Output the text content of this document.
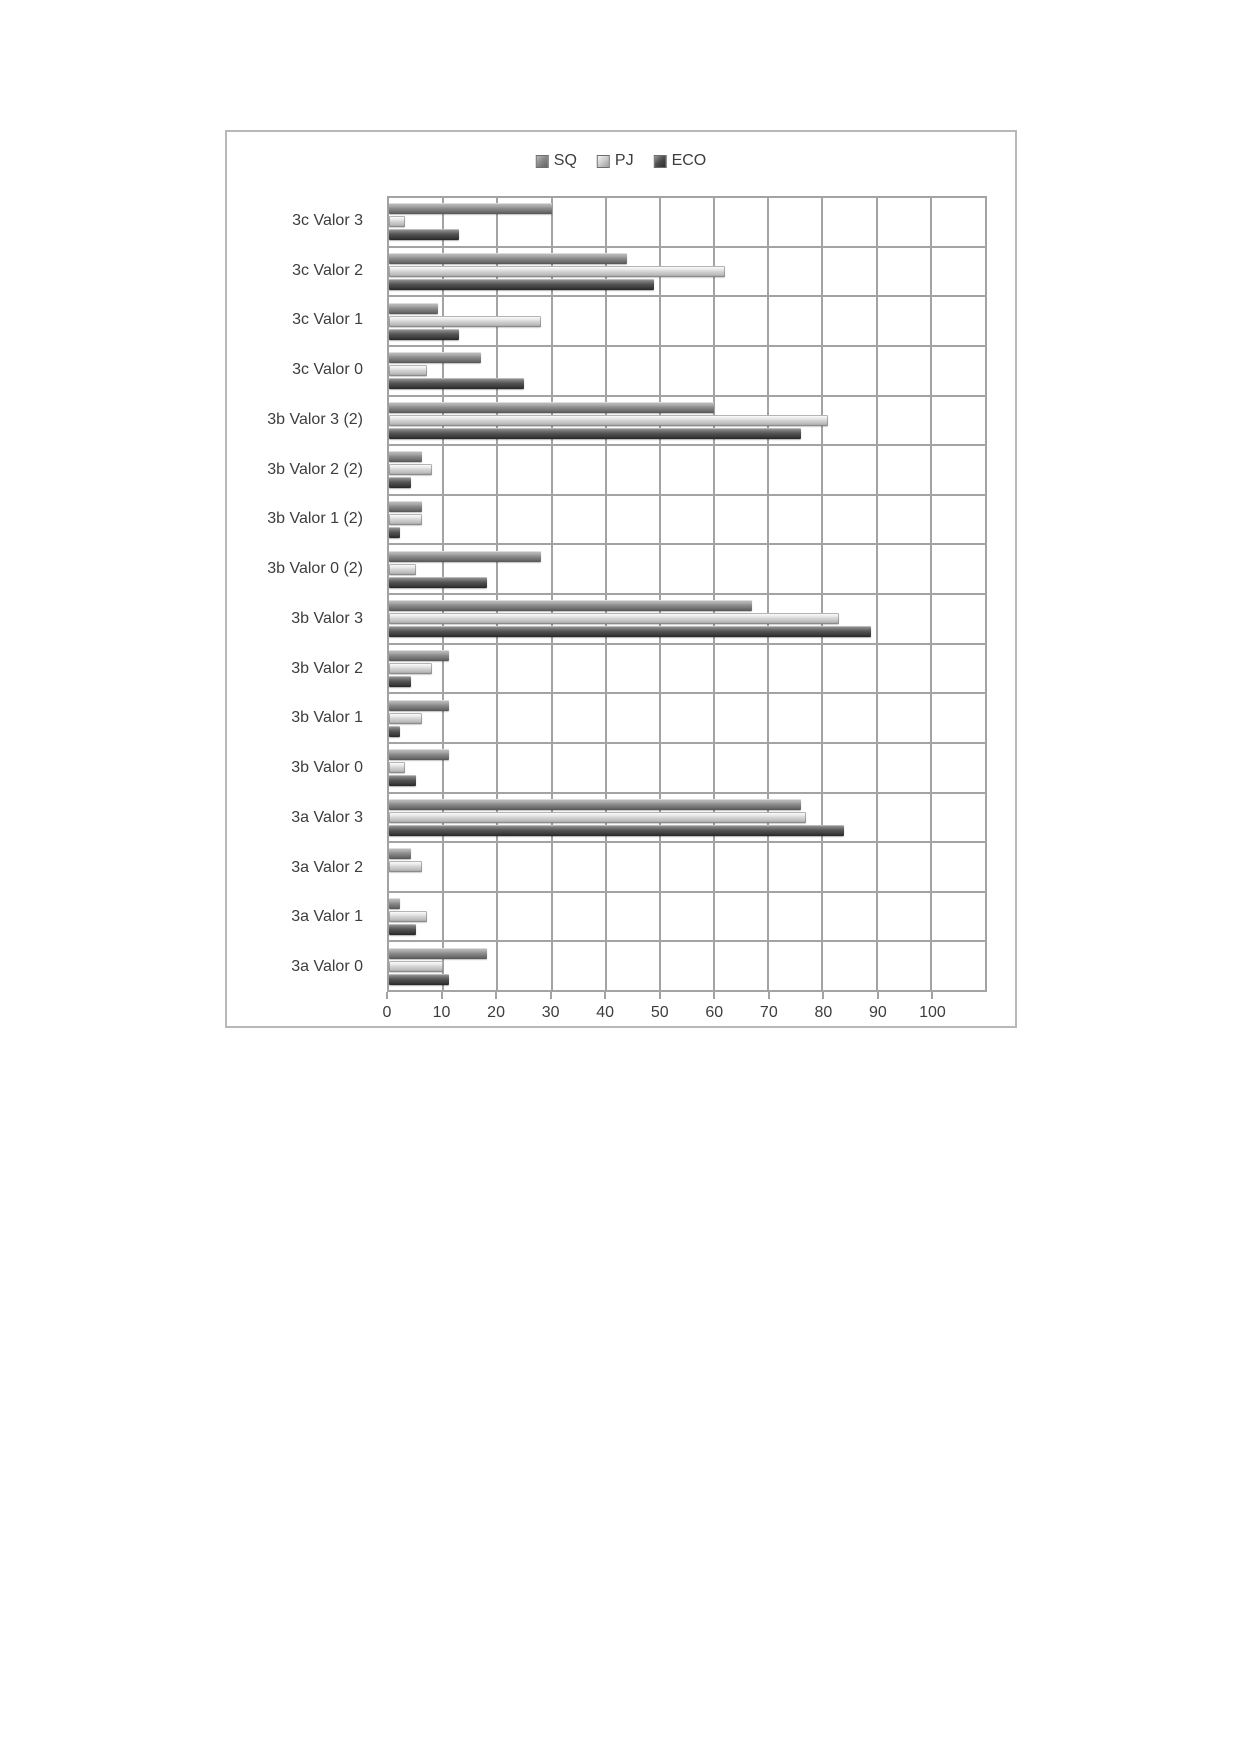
SQ PJ ECO
3c Valor 3
3c Valor 2
3c Valor 1
3c Valor 0
3b Valor 3 (2)
3b Valor 2 (2)
3b Valor 1 (2)
3b Valor 0 (2)
3b Valor 3
3b Valor 2
3b Valor 1
3b Valor 0
3a Valor 3
3a Valor 2
3a Valor 1
3a Valor 0
0	10 20 30 40 50 60 70 80 90 100
